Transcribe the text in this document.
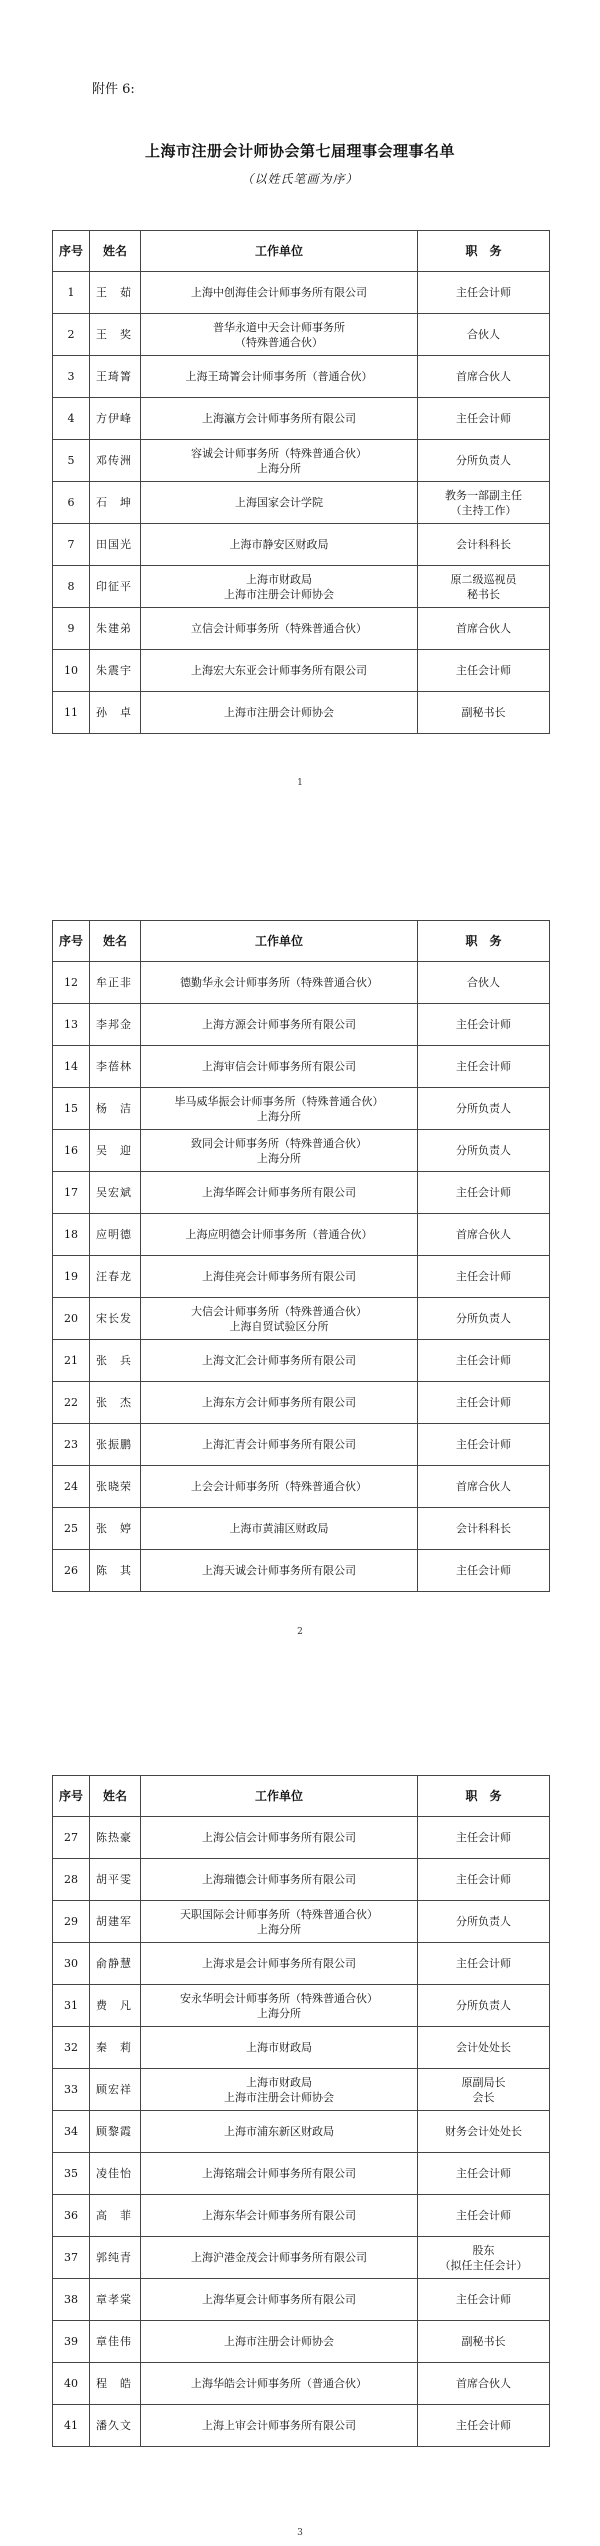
附件 6:
上海市注册会计师协会第七届理事会理事名单
（以姓氏笔画为序）
序号	姓名	工作单位	职　务
1	王　茹	上海中创海佳会计师事务所有限公司	主任会计师

2	王　奖	普华永道中天会计师事务所
（特殊普通合伙）	合伙人

3	王琦箐	上海王琦箐会计师事务所（普通合伙）	首席合伙人

4	方伊峰	上海瀛方会计师事务所有限公司	主任会计师

5	邓传洲	容诚会计师事务所（特殊普通合伙）
上海分所	分所负责人

6	石　坤	上海国家会计学院	教务一部副主任
（主持工作）

7	田国光	上海市静安区财政局	会计科科长

8	印征平	上海市财政局
上海市注册会计师协会	原二级巡视员
秘书长

9	朱建弟	立信会计师事务所（特殊普通合伙）	首席合伙人

10	朱震宇	上海宏大东亚会计师事务所有限公司	主任会计师

11	孙　卓	上海市注册会计师协会	副秘书长
1
序号	姓名	工作单位	职　务
12	牟正非	德勤华永会计师事务所（特殊普通合伙）	合伙人

13	李邦金	上海方源会计师事务所有限公司	主任会计师

14	李蓓林	上海审信会计师事务所有限公司	主任会计师

15	杨　洁	毕马威华振会计师事务所（特殊普通合伙）
上海分所	分所负责人

16	吴　迎	致同会计师事务所（特殊普通合伙）
上海分所	分所负责人

17	吴宏斌	上海华晖会计师事务所有限公司	主任会计师

18	应明德	上海应明德会计师事务所（普通合伙）	首席合伙人

19	汪春龙	上海佳亮会计师事务所有限公司	主任会计师

20	宋长发	大信会计师事务所（特殊普通合伙）
上海自贸试验区分所	分所负责人

21	张　兵	上海文汇会计师事务所有限公司	主任会计师

22	张　杰	上海东方会计师事务所有限公司	主任会计师

23	张振鹏	上海汇青会计师事务所有限公司	主任会计师

24	张晓荣	上会会计师事务所（特殊普通合伙）	首席合伙人

25	张　婷	上海市黄浦区财政局	会计科科长

26	陈　其	上海天诚会计师事务所有限公司	主任会计师
2
序号	姓名	工作单位	职　务
27	陈热豪	上海公信会计师事务所有限公司	主任会计师

28	胡平雯	上海瑞德会计师事务所有限公司	主任会计师

29	胡建军	天职国际会计师事务所（特殊普通合伙）
上海分所	分所负责人

30	俞静慧	上海求是会计师事务所有限公司	主任会计师

31	费　凡	安永华明会计师事务所（特殊普通合伙）
上海分所	分所负责人

32	秦　莉	上海市财政局	会计处处长

33	顾宏祥	上海市财政局
上海市注册会计师协会	原副局长
会长

34	顾黎霞	上海市浦东新区财政局	财务会计处处长

35	凌佳怡	上海铭瑞会计师事务所有限公司	主任会计师

36	高　菲	上海东华会计师事务所有限公司	主任会计师

37	郭纯青	上海沪港金茂会计师事务所有限公司	股东
（拟任主任会计）

38	章孝棠	上海华夏会计师事务所有限公司	主任会计师

39	章佳伟	上海市注册会计师协会	副秘书长

40	程　皓	上海华皓会计师事务所（普通合伙）	首席合伙人

41	潘久文	上海上审会计师事务所有限公司	主任会计师
3
